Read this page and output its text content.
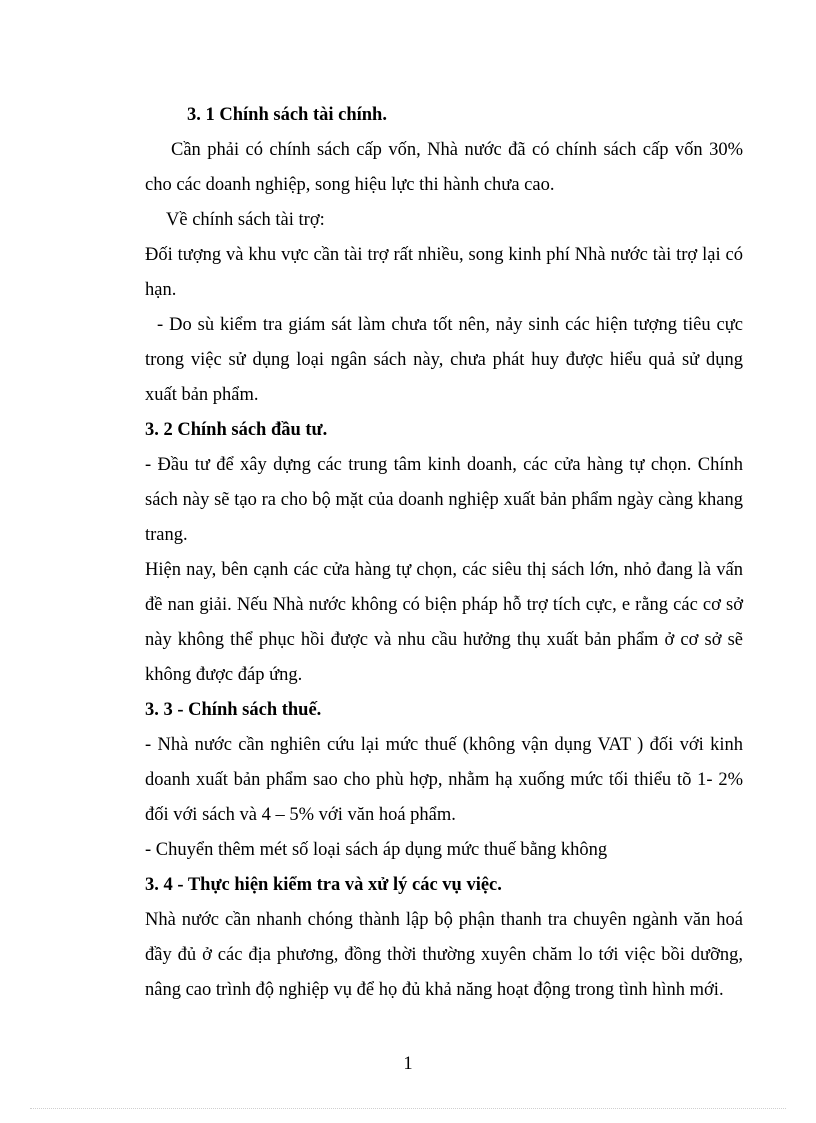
3. 1 Chính sách tài chính.

Cần phải có chính sách cấp vốn, Nhà nước đã có chính sách cấp vốn 30% cho các doanh nghiệp, song hiệu lực thi hành chưa cao.

Về chính sách tài trợ:

Đối tượng và khu vực cần tài trợ rất nhiều, song kinh phí Nhà nước tài trợ lại có hạn.

- Do sù kiểm tra giám sát làm chưa tốt nên, nảy sinh các hiện tượng tiêu cực trong việc sử dụng loại ngân sách này, chưa phát huy được hiểu quả sử dụng xuất bản phẩm.

3. 2 Chính sách đầu tư.

- Đầu tư để xây dựng các trung tâm kinh doanh, các cửa hàng tự chọn. Chính sách này sẽ tạo ra cho bộ mặt của doanh nghiệp xuất bản phẩm ngày càng khang trang.

Hiện nay, bên cạnh các cửa hàng tự chọn, các siêu thị sách lớn, nhỏ đang là vấn đề nan giải. Nếu Nhà nước không có biện pháp hỗ trợ tích cực, e rằng các cơ sở này không thể phục hồi được và nhu cầu hưởng thụ xuất bản phẩm ở cơ sở sẽ không được đáp ứng.

3. 3 - Chính sách thuế.

- Nhà nước cần nghiên cứu lại mức thuế (không vận dụng VAT ) đối với kinh doanh xuất bản phẩm sao cho phù hợp, nhằm hạ xuống mức tối thiểu tõ 1- 2% đối với sách và 4 – 5% với văn hoá phẩm.

- Chuyển thêm mét số loại sách áp dụng mức thuế bằng không

3. 4 - Thực hiện kiểm tra và xử lý các vụ việc.

Nhà nước cần nhanh chóng thành lập bộ phận thanh tra chuyên ngành văn hoá đầy đủ ở các địa phương, đồng thời thường xuyên chăm lo tới việc bồi dưỡng, nâng cao trình độ nghiệp vụ để họ đủ khả năng hoạt động trong tình hình mới.

1
